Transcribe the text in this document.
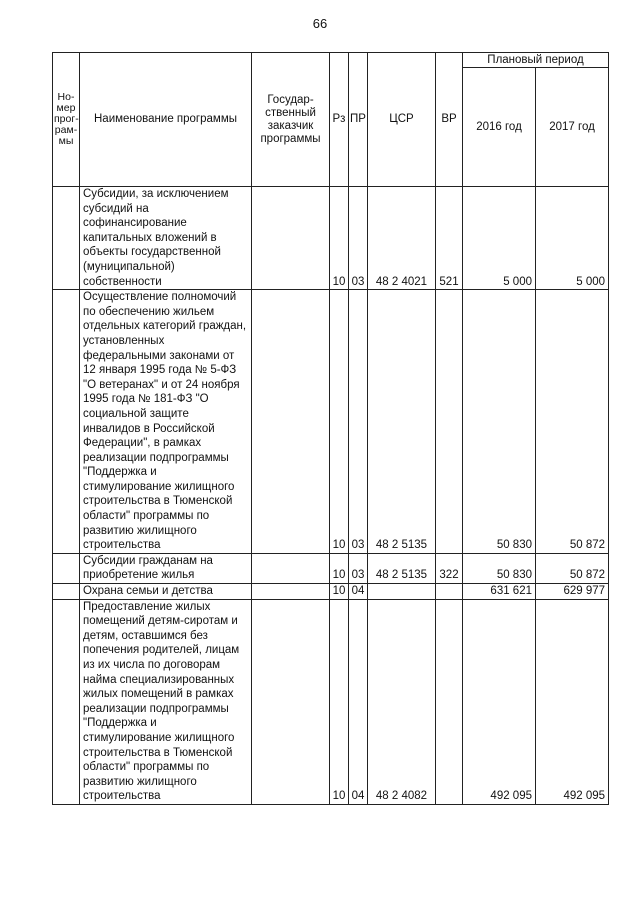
66
Но-
мер
прог-
рам-
мы	Наименование программы	Государ-
ственный
заказчик
программы	Рз	ПР	ЦСР	ВР	Плановый период	
							2016 год	2017 год
	Субсидии, за исключением субсидий на софинансирование капитальных вложений в объекты государственной (муниципальной) собственности		10	03	48 2 4021	521	5 000	5 000
	Осуществление полномочий по обеспечению жильем отдельных категорий граждан, установленных федеральными законами от 12 января 1995 года № 5-ФЗ "О ветеранах" и от 24 ноября 1995 года № 181-ФЗ "О социальной защите инвалидов в Российской Федерации", в рамках реализации подпрограммы "Поддержка и стимулирование жилищного строительства в Тюменской области" программы по развитию жилищного строительства		10	03	48 2 5135		50 830	50 872
	Субсидии гражданам на приобретение жилья		10	03	48 2 5135	322	50 830	50 872
	Охрана семьи и детства		10	04			631 621	629 977
	Предоставление жилых помещений детям-сиротам и детям, оставшимся без попечения родителей, лицам из их числа по договорам найма специализированных жилых помещений в рамках реализации подпрограммы "Поддержка и стимулирование жилищного строительства в Тюменской области" программы по развитию жилищного строительства		10	04	48 2 4082		492 095	492 095
